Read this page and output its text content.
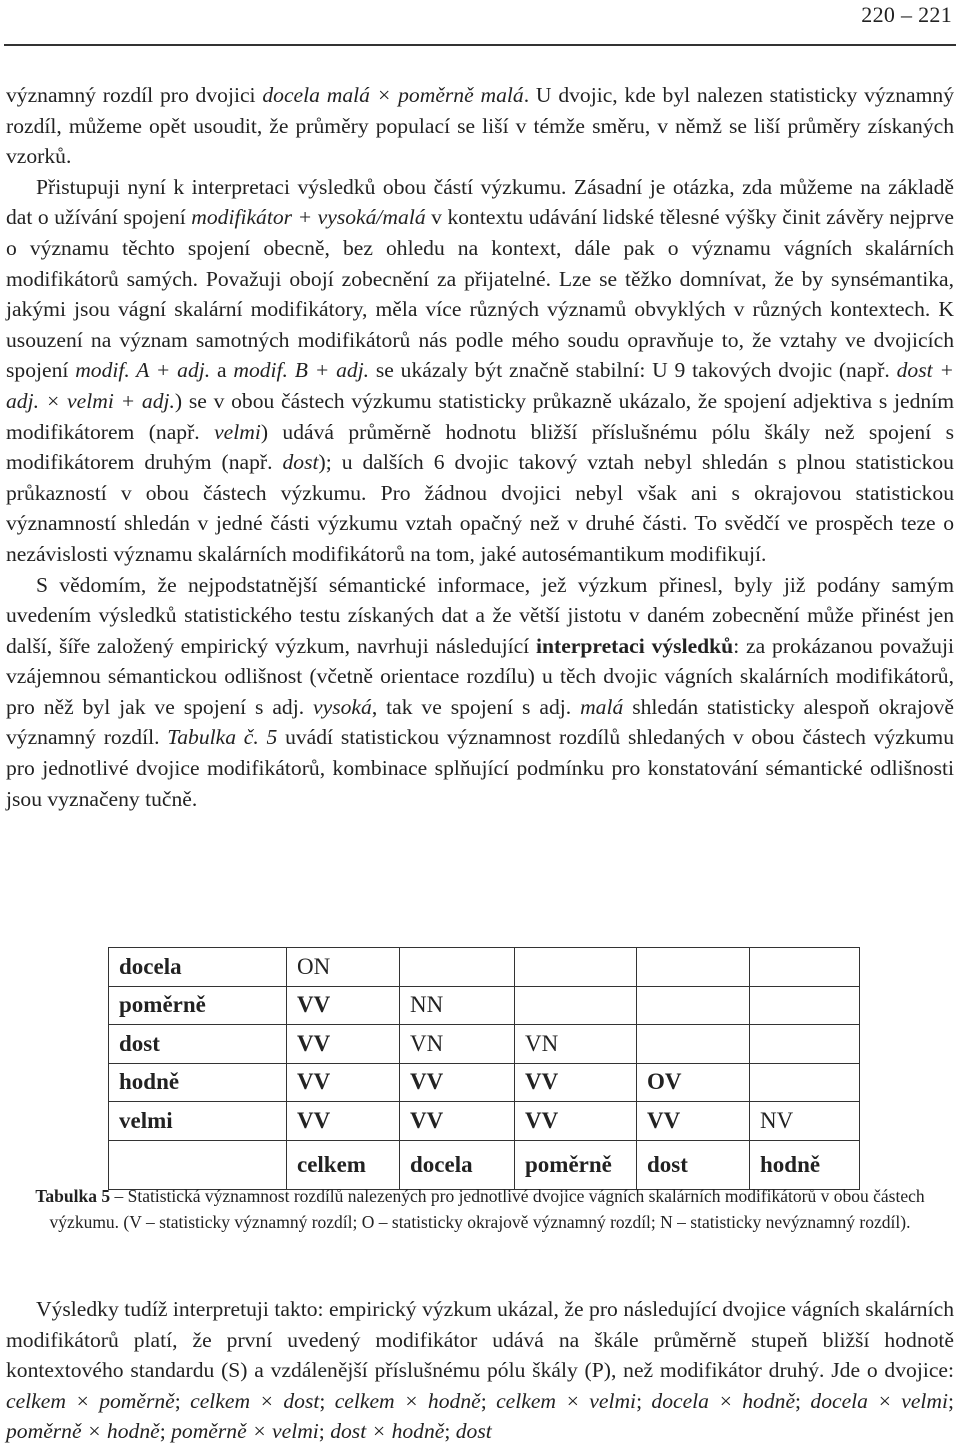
220 – 221

významný rozdíl pro dvojici docela malá × poměrně malá. U dvojic, kde byl nalezen statisticky významný rozdíl, můžeme opět usoudit, že průměry populací se liší v témže směru, v němž se liší průměry získaných vzorků.

Přistupuji nyní k interpretaci výsledků obou částí výzkumu. Zásadní je otázka, zda můžeme na základě dat o užívání spojení modifikátor + vysoká/malá v kontextu udávání lidské tělesné výšky činit závěry nejprve o významu těchto spojení obecně, bez ohledu na kontext, dále pak o významu vágních skalárních modifikátorů samých. Považuji obojí zobecnění za přijatelné. Lze se těžko domnívat, že by synsémantika, jakými jsou vágní skalární modifikátory, měla více různých významů obvyklých v různých kontextech. K usouzení na význam samotných modifikátorů nás podle mého soudu opravňuje to, že vztahy ve dvojicích spojení modif. A + adj. a modif. B + adj. se ukázaly být značně stabilní: U 9 takových dvojic (např. dost + adj. × velmi + adj.) se v obou částech výzkumu statisticky průkazně ukázalo, že spojení adjektiva s jedním modifikátorem (např. velmi) udává průměrně hodnotu bližší příslušnému pólu škály než spojení s modifikátorem druhým (např. dost); u dalších 6 dvojic takový vztah nebyl shledán s plnou statistickou průkazností v obou částech výzkumu. Pro žádnou dvojici nebyl však ani s okrajovou statistickou významností shledán v jedné části výzkumu vztah opačný než v druhé části. To svědčí ve prospěch teze o nezávislosti významu skalárních modifikátorů na tom, jaké autosémantikum modifikují.

S vědomím, že nejpodstatnější sémantické informace, jež výzkum přinesl, byly již podány samým uvedením výsledků statistického testu získaných dat a že větší jistotu v daném zobecnění může přinést jen další, šíře založený empirický výzkum, navrhuji následující interpretaci výsledků: za prokázanou považuji vzájemnou sémantickou odlišnost (včetně orientace rozdílu) u těch dvojic vágních skalárních modifikátorů, pro něž byl jak ve spojení s adj. vysoká, tak ve spojení s adj. malá shledán statisticky alespoň okrajově významný rozdíl. Tabulka č. 5 uvádí statistickou významnost rozdílů shledaných v obou částech výzkumu pro jednotlivé dvojice modifikátorů, kombinace splňující podmínku pro konstatování sémantické odlišnosti jsou vyznačeny tučně.

docela	ON				
poměrně	VV	NN			
dost	VV	VN	VN		
hodně	VV	VV	VV	OV	
velmi	VV	VV	VV	VV	NV
	celkem	docela	poměrně	dost	hodně
Tabulka 5 – Statistická významnost rozdílů nalezených pro jednotlivé dvojice vágních skalárních modifikátorů v obou částech výzkumu. (V – statisticky významný rozdíl; O – statisticky okrajově významný rozdíl; N – statisticky nevýznamný rozdíl).

Výsledky tudíž interpretuji takto: empirický výzkum ukázal, že pro následující dvojice vágních skalárních modifikátorů platí, že první uvedený modifikátor udává na škále průměrně stupeň bližší hodnotě kontextového standardu (S) a vzdálenější příslušnému pólu škály (P), než modifikátor druhý. Jde o dvojice: celkem × poměrně; celkem × dost; celkem × hodně; celkem × velmi; docela × hodně; docela × velmi; poměrně × hodně; poměrně × velmi; dost × hodně; dost
